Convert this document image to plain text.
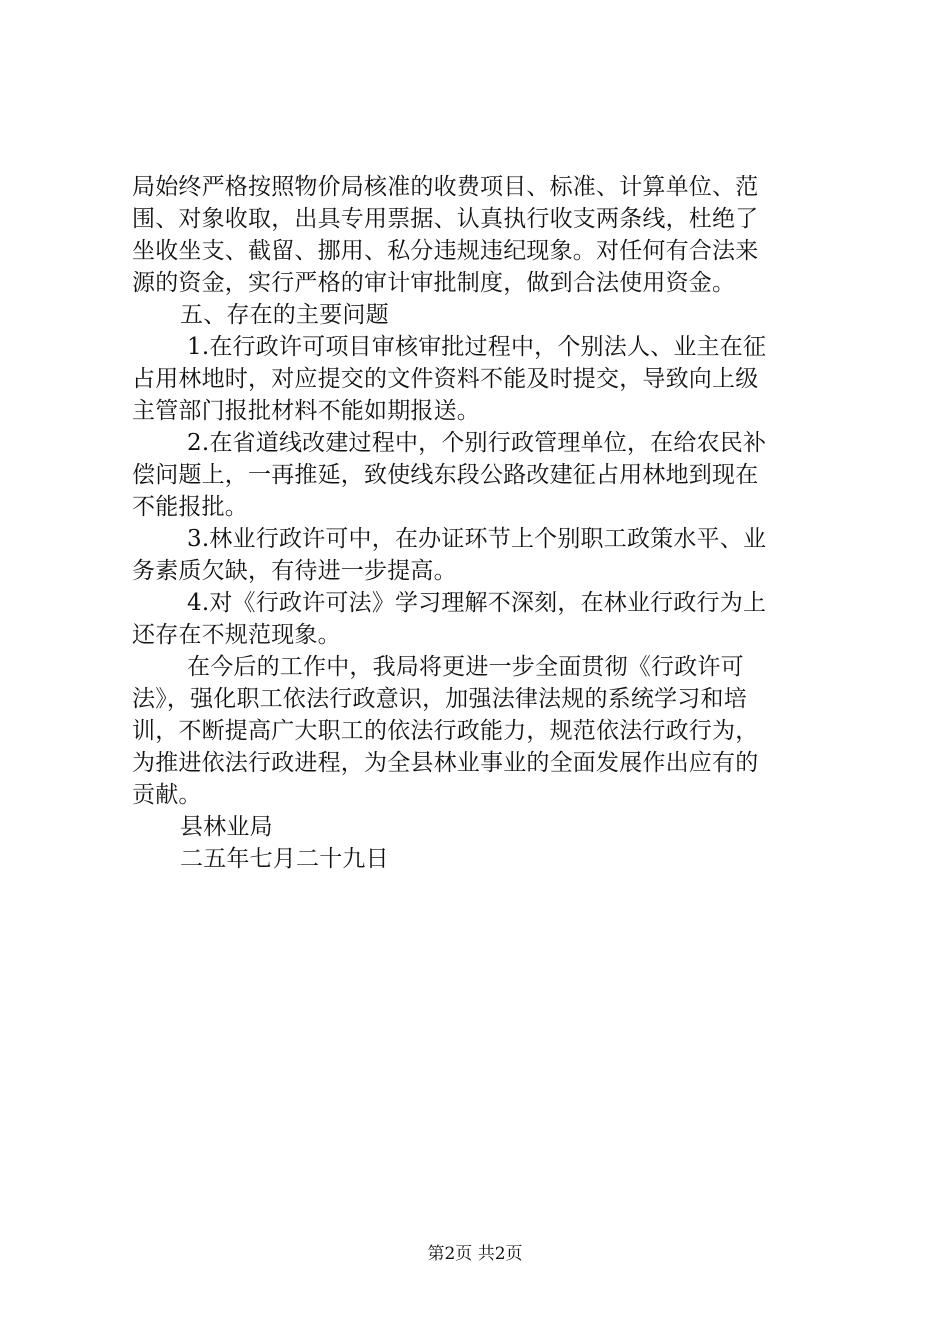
局始终严格按照物价局核准的收费项目、标准、计算单位、范
围、对象收取，出具专用票据、认真执行收支两条线，杜绝了
坐收坐支、截留、挪用、私分违规违纪现象。对任何有合法来
源的资金，实行严格的审计审批制度，做到合法使用资金。
五、存在的主要问题
1.在行政许可项目审核审批过程中，个别法人、业主在征
占用林地时，对应提交的文件资料不能及时提交，导致向上级
主管部门报批材料不能如期报送。
2.在省道线改建过程中，个别行政管理单位，在给农民补
偿问题上，一再推延，致使线东段公路改建征占用林地到现在
不能报批。
3.林业行政许可中，在办证环节上个别职工政策水平、业
务素质欠缺，有待进一步提高。
4.对《行政许可法》学习理解不深刻，在林业行政行为上
还存在不规范现象。
在今后的工作中，我局将更进一步全面贯彻《行政许可
法》，强化职工依法行政意识，加强法律法规的系统学习和培
训，不断提高广大职工的依法行政能力，规范依法行政行为，
为推进依法行政进程，为全县林业事业的全面发展作出应有的
贡献。
县林业局
二五年七月二十九日
第2页 共2页
